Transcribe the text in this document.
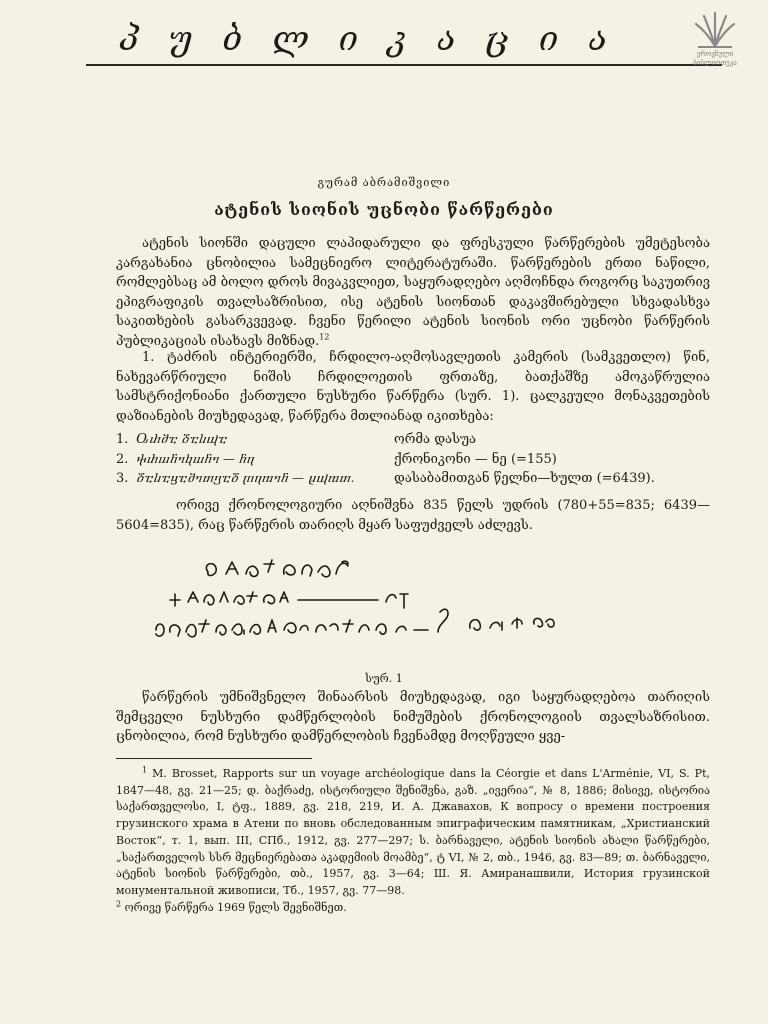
პუბლიკაცია	ეროვნული
ბიბლიოთეკა
გურამ აბრამიშვილი
ატენის სიონის უცნობი წარწერები
ატენის სიონში დაცული ლაპიდარული და ფრესკული წარწერების უმეტესობა კარგახანია ცნობილია სამეცნიერო ლიტერატურაში. წარწერების ერთი ნაწილი, რომლებსაც ამ ბოლო დროს მივაკვლიეთ, საყურადღებო აღმოჩნდა როგორც საკუთრივ ეპიგრაფიკის თვალსაზრისით, ისე ატენის სიონთან დაკავშირებული სხვადასხვა საკითხების გასარკვევად. ჩვენი წერილი ატენის სიონის ორი უცნობი წარწერის პუბლიკაციას ისახავს მიზნად.$^{12}$
1. ტაძრის ინტერიერში, ჩრდილო-აღმოსავლეთის კამერის (სამკვეთლო) წინ, ნახევარწრიული ნიშის ჩრდილოეთის ფრთაზე, ბათქაშზე ამოკაწრულია სამსტრიქონიანი ქართული ნუსხური წარწერა (სურ. 1). ცალკეული მონაკვეთების დაზიანების მიუხედავად, წარწერა მთლიანად იკითხება:
1. Ⴍⴐⴋⴀ ⴃⴀⴑⴓⴀ	ორმა დასუა
2. ⴕⴐⴍⴌⴈⴉⴍⴌⴈ — ⴌⴄ	ქრონიკონი — ნე (=155)
3. ⴃⴀⴑⴀⴁⴀⴋⴈⴇⴂⴀⴃ ⴜⴄⴊⴈⴌ — ⴞⴓⴊⴇ.	დასაბამითგან წელნი—ხულთ (=6439).
ორივე ქრონოლოგიური აღნიშვნა 835 წელს უდრის (780+55=835; 6439—5604=835), რაც წარწერის თარიღს მყარ საფუძველს აძლევს.
სურ. 1
წარწერის უმნიშვნელო შინაარსის მიუხედავად, იგი საყურადღებოა თარიღის შემცველი ნუსხური დამწერლობის ნიმუშების ქრონოლოგიის თვალსაზრისით. ცნობილია, რომ ნუსხური დამწერლობის ჩვენამდე მოღწეული ყვე-

$^1$ M. Brosset, Rapports sur un voyage archéologique dans la Céorgie et dans L'Arménie, VI, S. Pt, 1847—48, გვ. 21—25; დ. ბაქრაძე, ისტორიული შენიშვნა, გაზ. „ივერია“, № 8, 1886; მისივე, ისტორია საქართველოსი, I, ტფ., 1889, გვ. 218, 219, И. А. Джавахов, К вопросу о времени построения грузинского храма в Атени по вновь обследованным эпиграфическим памятникам, „Христианский Восток“, т. 1, вып. III, СПб., 1912, გვ. 277—297; ს. ბარნაველი, ატენის სიონის ახალი წარწერები, „საქართველოს სსრ მეცნიერებათა აკადემიის მოამბე“, ტ VI, № 2, თბ., 1946, გვ. 83—89; თ. ბარნაველი, ატენის სიონის წარწერები, თბ., 1957, გვ. 3—64; Ш. Я. Амиранашвили, История грузинской монументальной живописи, Тб., 1957, გვ. 77—98.

$^2$ ორივე წარწერა 1969 წელს შევნიშნეთ.
